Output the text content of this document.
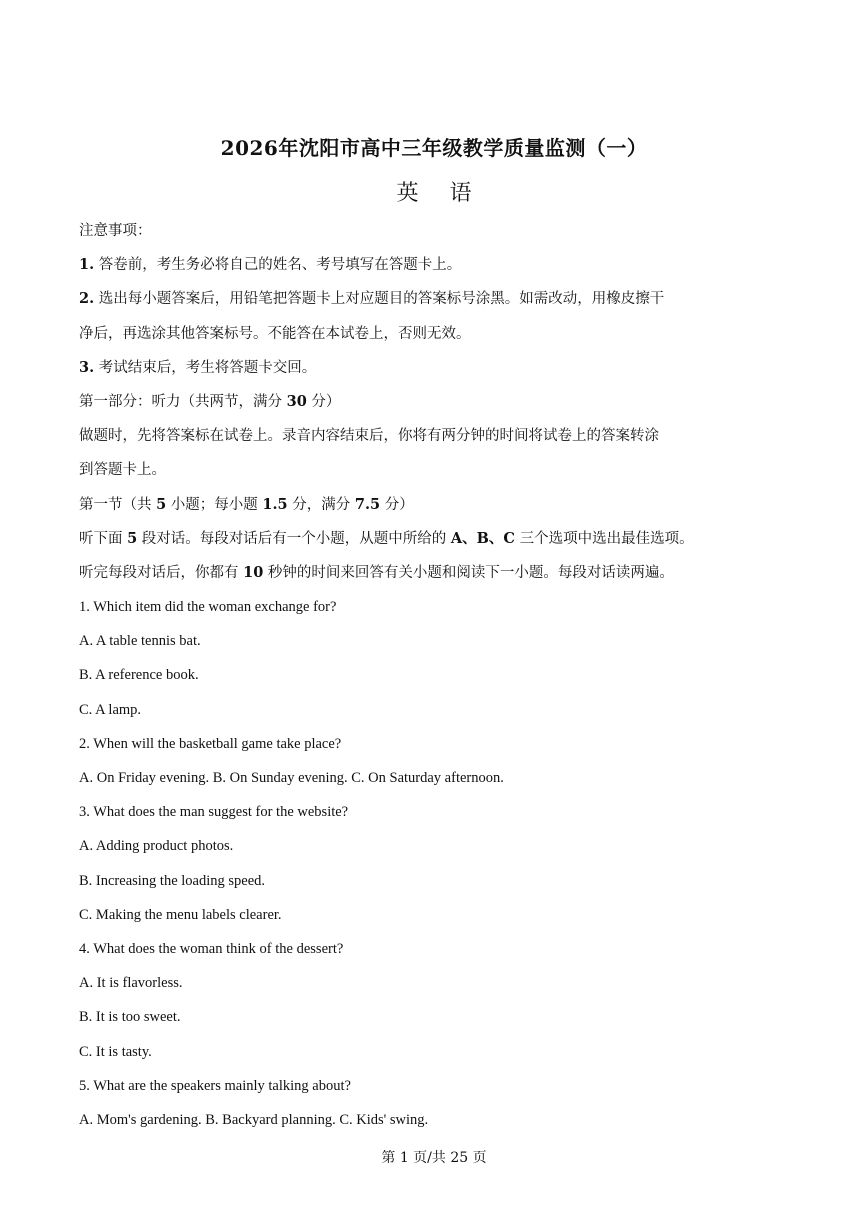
2026年沈阳市高中三年级教学质量监测（一）
英 语
注意事项：
1. 答卷前，考生务必将自己的姓名、考号填写在答题卡上。
2. 选出每小题答案后，用铅笔把答题卡上对应题目的答案标号涂黑。如需改动，用橡皮擦干
净后，再选涂其他答案标号。不能答在本试卷上，否则无效。
3. 考试结束后，考生将答题卡交回。
第一部分：听力（共两节，满分 30 分）
做题时，先将答案标在试卷上。录音内容结束后，你将有两分钟的时间将试卷上的答案转涂
到答题卡上。
第一节（共 5 小题；每小题 1.5 分，满分 7.5 分）
听下面 5 段对话。每段对话后有一个小题，从题中所给的 A、B、C 三个选项中选出最佳选项。
听完每段对话后，你都有 10 秒钟的时间来回答有关小题和阅读下一小题。每段对话读两遍。
1. Which item did the woman exchange for?
A. A table tennis bat.
B. A reference book.
C. A lamp.
2. When will the basketball game take place?
A. On Friday evening. B. On Sunday evening. C. On Saturday afternoon.
3. What does the man suggest for the website?
A. Adding product photos.
B. Increasing the loading speed.
C. Making the menu labels clearer.
4. What does the woman think of the dessert?
A. It is flavorless.
B. It is too sweet.
C. It is tasty.
5. What are the speakers mainly talking about?
A. Mom's gardening. B. Backyard planning. C. Kids' swing.
第 1 页/共 25 页
